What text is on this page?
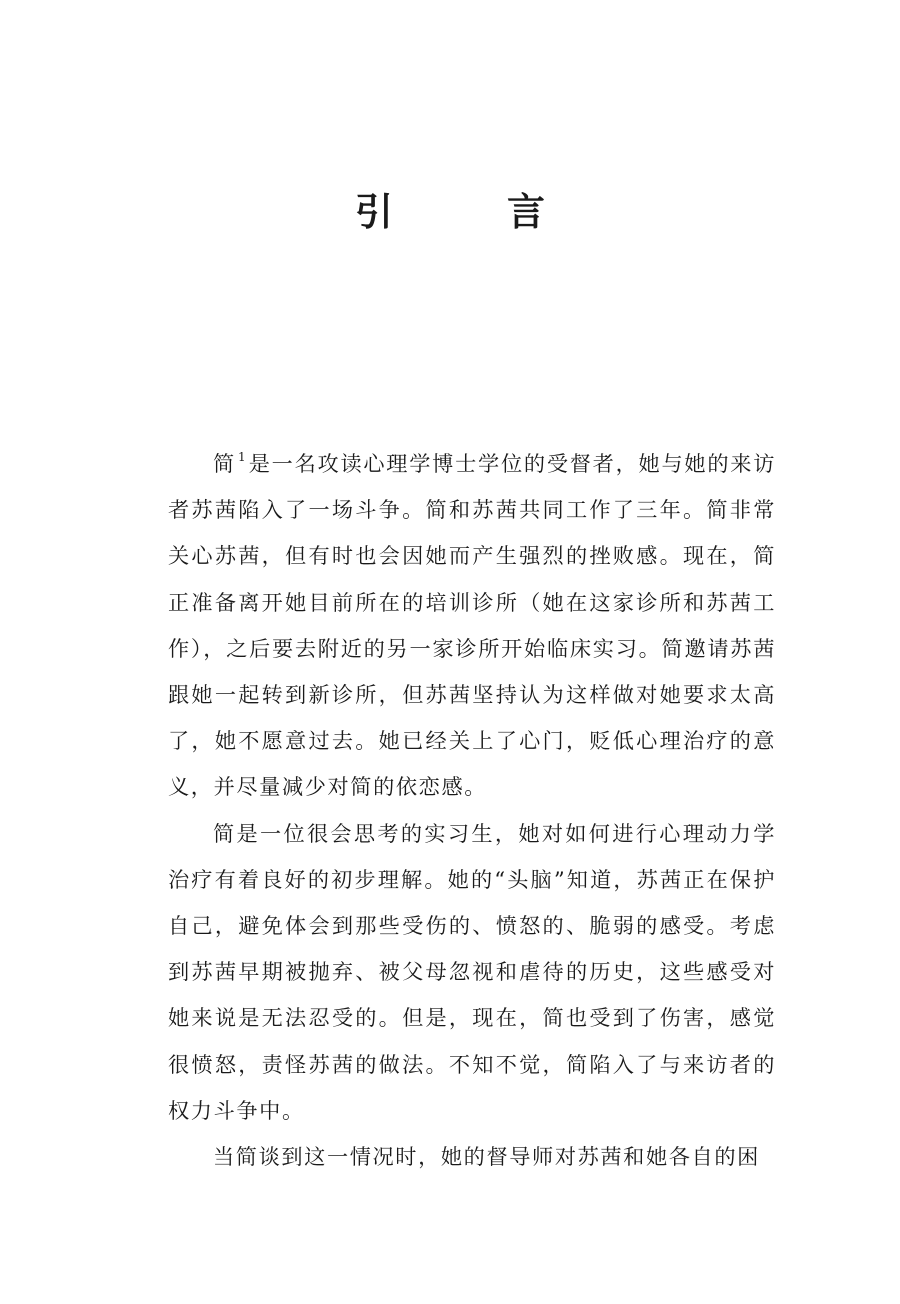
引　言

简 $^1$ 是一名攻读心理学博士学位的受督者，她与她的来访者苏茜陷入了一场斗争。简和苏茜共同工作了三年。简非常关心苏茜，但有时也会因她而产生强烈的挫败感。现在，简正准备离开她目前所在的培训诊所（她在这家诊所和苏茜工作），之后要去附近的另一家诊所开始临床实习。简邀请苏茜跟她一起转到新诊所，但苏茜坚持认为这样做对她要求太高了，她不愿意过去。她已经关上了心门，贬低心理治疗的意义，并尽量减少对简的依恋感。

简是一位很会思考的实习生，她对如何进行心理动力学治疗有着良好的初步理解。她的“头脑”知道，苏茜正在保护自己，避免体会到那些受伤的、愤怒的、脆弱的感受。考虑到苏茜早期被抛弃、被父母忽视和虐待的历史，这些感受对她来说是无法忍受的。但是，现在，简也受到了伤害，感觉很愤怒，责怪苏茜的做法。不知不觉，简陷入了与来访者的权力斗争中。

当简谈到这一情况时，她的督导师对苏茜和她各自的困
